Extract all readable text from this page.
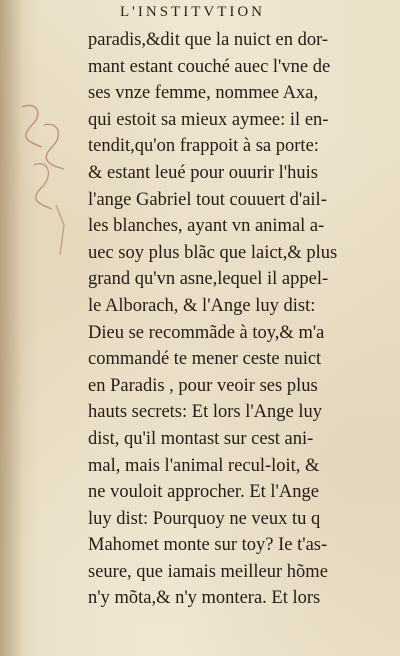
L'INSTITVTION
paradis,&dit que la nuict en dor-
mant estant couché auec l'vne de
ses vnze femme, nommee Axa,
qui estoit sa mieux aymee: il en-
tendit,qu'on frappoit à sa porte:
& estant leué pour ouurir l'huis
l'ange Gabriel tout couuert d'ail-
les blanches, ayant vn animal a-
uec soy plus blãc que laict,& plus
grand qu'vn asne,lequel il appel-
le Alborach, & l'Ange luy dist:
Dieu se recommãde à toy,& m'a
commandé te mener ceste nuict
en Paradis , pour veoir ses plus
hauts secrets: Et lors l'Ange luy
dist, qu'il montast sur cest ani-
mal, mais l'animal recul-loit, &
ne vouloit approcher. Et l'Ange
luy dist: Pourquoy ne veux tu q
Mahomet monte sur toy? Ie t'as-
seure, que iamais meilleur hõme
n'y mõta,& n'y montera. Et lors
